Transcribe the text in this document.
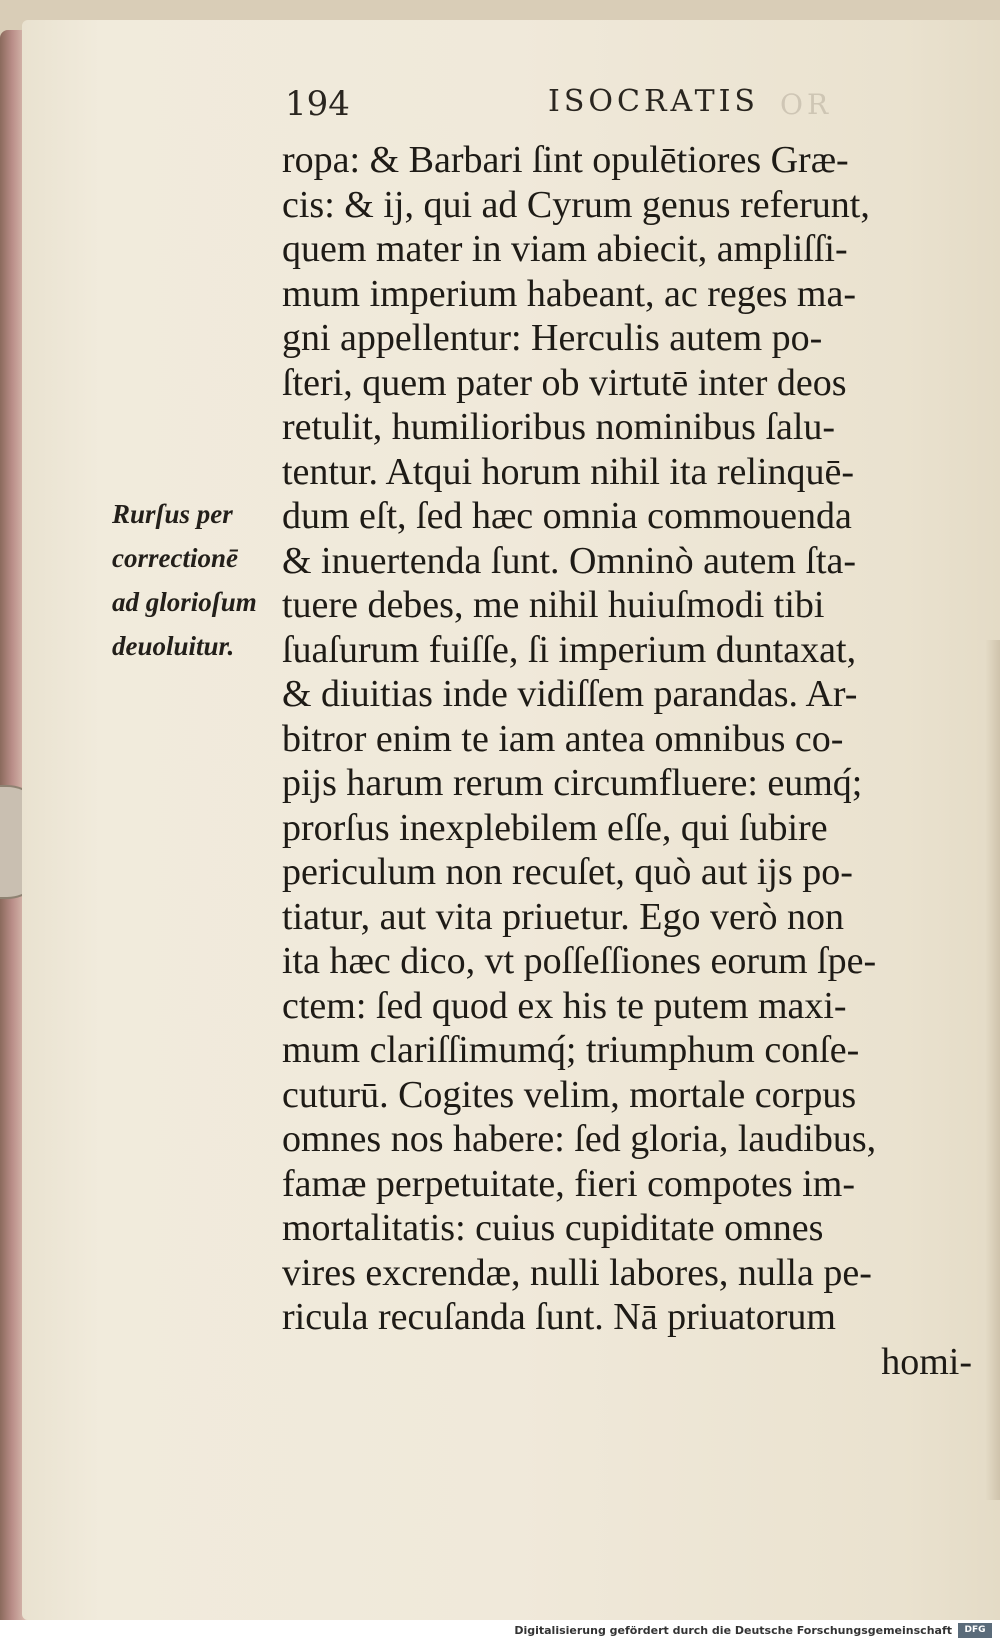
194	ISOCRATIS OR
Rurſus per
correctionē
ad glorioſum
deuoluitur.
ropa: & Barbari ſint opulētiores Græ-
cis: & ij, qui ad Cyrum genus referunt,
quem mater in viam abiecit, ampliſſi-
mum imperium habeant, ac reges ma-
gni appellentur: Herculis autem po-
ſteri, quem pater ob virtutē inter deos
retulit, humilioribus nominibus ſalu-
tentur. Atqui horum nihil ita relinquē-
dum eſt, ſed hæc omnia commouenda
& inuertenda ſunt. Omninò autem ſta-
tuere debes, me nihil huiuſmodi tibi
ſuaſurum fuiſſe, ſi imperium duntaxat,
& diuitias inde vidiſſem parandas. Ar-
bitror enim te iam antea omnibus co-
pijs harum rerum circumfluere: eumq́;
prorſus inexplebilem eſſe, qui ſubire
periculum non recuſet, quò aut ijs po-
tiatur, aut vita priuetur. Ego verò non
ita hæc dico, vt poſſeſſiones eorum ſpe-
ctem: ſed quod ex his te putem maxi-
mum clariſſimumq́; triumphum conſe-
cuturū. Cogites velim, mortale corpus
omnes nos habere: ſed gloria, laudibus,
famæ perpetuitate, fieri compotes im-
mortalitatis: cuius cupiditate omnes
vires excrendæ, nulli labores, nulla pe-
ricula recuſanda ſunt. Nā priuatorum
homi-
Digitalisierung gefördert durch die Deutsche Forschungsgemeinschaft	DFG
